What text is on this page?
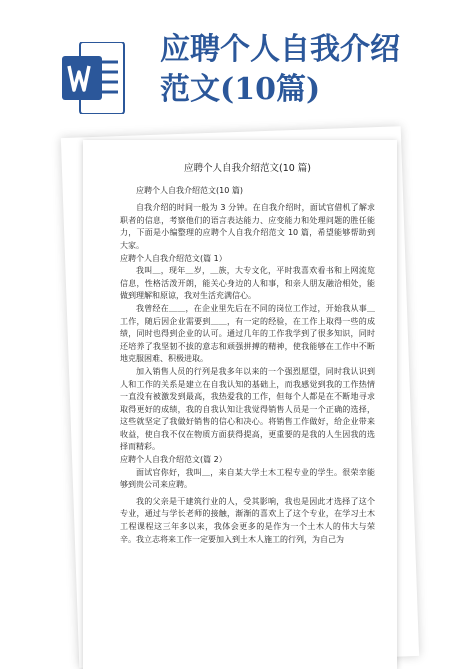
应聘个人自我介绍
范文(10篇)
应聘个人自我介绍范文(10 篇)

应聘个人自我介绍范文(10 篇)

自我介绍的时间一般为 3 分钟。在自我介绍时，面试官借机了解求职者的信息，考察他们的语言表达能力、应变能力和处理问题的胜任能力，下面是小编整理的应聘个人自我介绍范文 10 篇，希望能够帮助到大家。

应聘个人自我介绍范文(篇 1）

我叫＿，现年＿岁，＿族，大专文化，平时我喜欢看书和上网流览信息，性格活泼开朗，能关心身边的人和事，和亲人朋友融洽相处，能做到理解和原谅，我对生活充满信心。

我曾经在＿＿，在企业里先后在不同的岗位工作过，开始我从事＿工作，随后因企业需要到＿＿，有一定的经验，在工作上取得一些的成绩，同时也得到企业的认可。通过几年的工作我学到了很多知识，同时还培养了我坚韧不拔的意志和顽强拼搏的精神，使我能够在工作中不断地克服困难、积极进取。

加入销售人员的行列是我多年以来的一个强烈愿望，同时我认识到人和工作的关系是建立在自我认知的基础上，而我感觉到我的工作热情一直没有被激发到最高，我热爱我的工作，但每个人都是在不断地寻求取得更好的成绩，我的自我认知让我觉得销售人员是一个正确的选择，这些就坚定了我做好销售的信心和决心。将销售工作做好，给企业带来收益，使自我不仅在物质方面获得提高，更重要的是我的人生因我的选择而精彩。

应聘个人自我介绍范文(篇 2）

面试官你好，我叫＿，来自某大学土木工程专业的学生。很荣幸能够到贵公司来应聘。

我的父亲是干建筑行业的人，受其影响，我也是因此才选择了这个专业，通过与学长老师的接触，渐渐的喜欢上了这个专业，在学习土木工程课程这三年多以来，我体会更多的是作为一个土木人的伟大与荣辛。我立志将来工作一定要加入到土木人施工的行列，为自己为
